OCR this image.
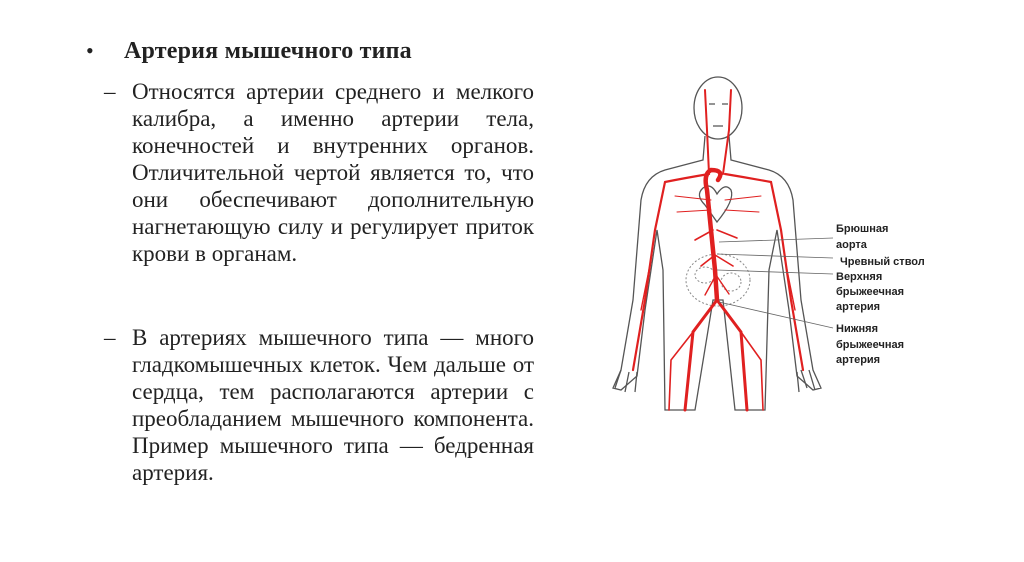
•	Артерия мышечного типа
– Относятся артерии среднего и мелкого калибра, а именно артерии тела, конечностей и внутренних органов. Отличительной чертой является то, что они обеспечивают дополнительную нагнетающую силу и регулирует приток крови в органам.
– В артериях мышечного типа — много гладкомышечных клеток. Чем дальше от сердца, тем располагаются артерии с преобладанием мышечного компонента. Пример мышечного типа — бедренная артерия.
Брюшная
аорта
Чревный ствол
Верхняя
брыжеечная
артерия
Нижняя
брыжеечная
артерия
